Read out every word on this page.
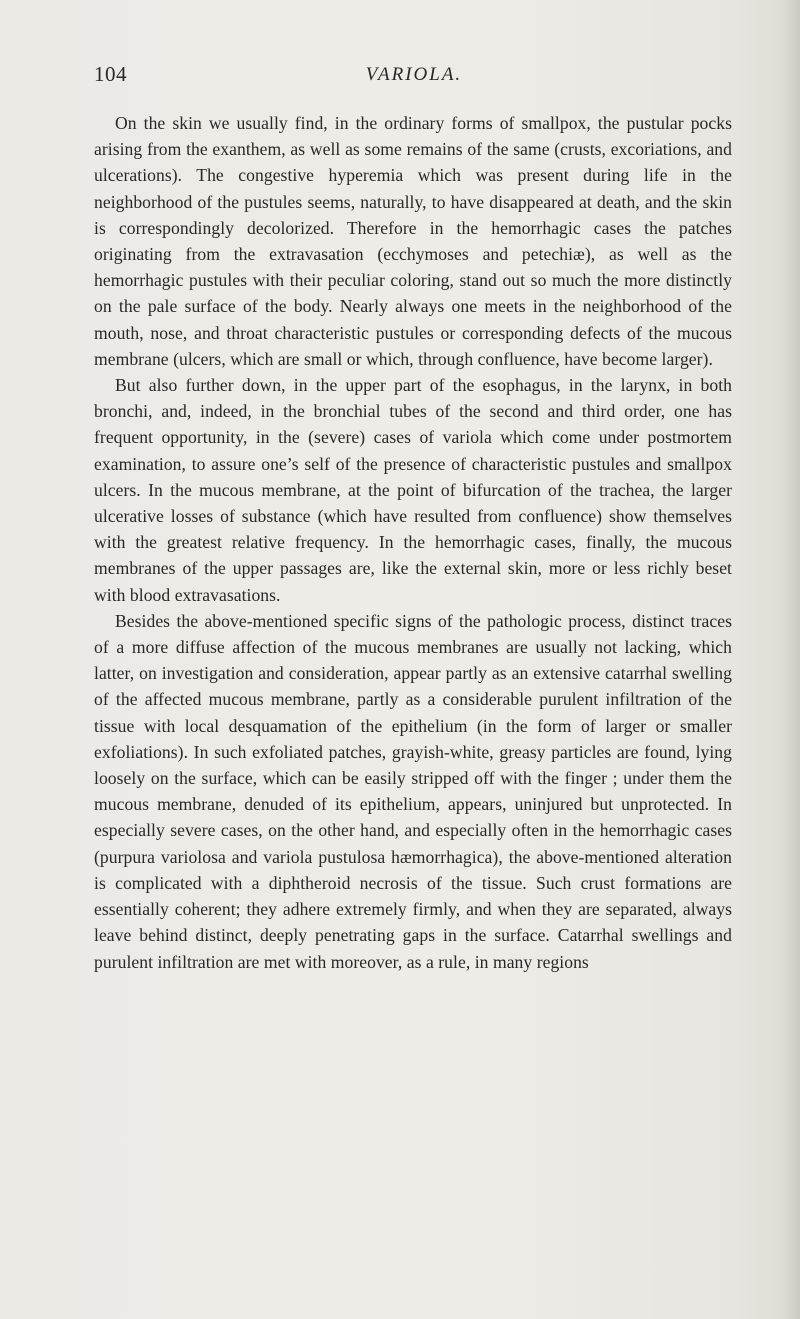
104	VARIOLA.

On the skin we usually find, in the ordinary forms of smallpox, the pustular pocks arising from the exanthem, as well as some remains of the same (crusts, excoriations, and ulcerations). The congestive hyperemia which was present during life in the neighborhood of the pustules seems, naturally, to have disappeared at death, and the skin is correspondingly decolorized. Therefore in the hemorrhagic cases the patches originating from the extravasation (ecchymoses and petechiæ), as well as the hemorrhagic pustules with their peculiar coloring, stand out so much the more distinctly on the pale surface of the body. Nearly always one meets in the neighborhood of the mouth, nose, and throat characteristic pustules or corresponding defects of the mucous membrane (ulcers, which are small or which, through confluence, have become larger).

But also further down, in the upper part of the esophagus, in the larynx, in both bronchi, and, indeed, in the bronchial tubes of the second and third order, one has frequent opportunity, in the (severe) cases of variola which come under postmortem examination, to assure one’s self of the presence of characteristic pustules and smallpox ulcers. In the mucous membrane, at the point of bifurcation of the trachea, the larger ulcerative losses of substance (which have resulted from confluence) show themselves with the greatest relative frequency. In the hemorrhagic cases, finally, the mucous membranes of the upper passages are, like the external skin, more or less richly beset with blood extravasations.

Besides the above-mentioned specific signs of the pathologic process, distinct traces of a more diffuse affection of the mucous membranes are usually not lacking, which latter, on investigation and consideration, appear partly as an extensive catarrhal swelling of the affected mucous membrane, partly as a considerable purulent infiltration of the tissue with local desquamation of the epithelium (in the form of larger or smaller exfoliations). In such exfoliated patches, grayish-white, greasy particles are found, lying loosely on the surface, which can be easily stripped off with the finger ; under them the mucous membrane, denuded of its epithelium, appears, uninjured but unprotected. In especially severe cases, on the other hand, and especially often in the hemorrhagic cases (purpura variolosa and variola pustulosa hæmorrhagica), the above-mentioned alteration is complicated with a diphtheroid necrosis of the tissue. Such crust formations are essentially coherent; they adhere extremely firmly, and when they are separated, always leave behind distinct, deeply penetrating gaps in the surface. Catarrhal swellings and purulent infiltration are met with moreover, as a rule, in many regions
